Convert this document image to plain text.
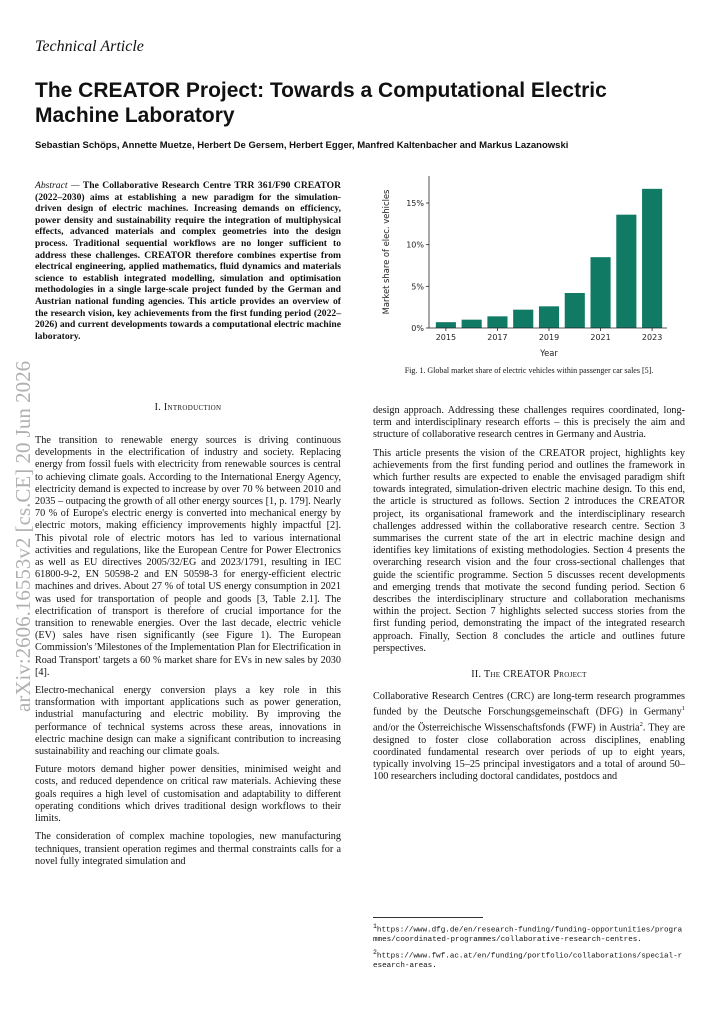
Technical Article
The CREATOR Project: Towards a Computational Electric Machine Laboratory
Sebastian Schöps, Annette Muetze, Herbert De Gersem, Herbert Egger, Manfred Kaltenbacher and Markus Lazanowski
Abstract — The Collaborative Research Centre TRR 361/F90 CREATOR (2022–2030) aims at establishing a new paradigm for the simulation-driven design of electric machines. Increasing demands on efficiency, power density and sustainability require the integration of multiphysical effects, advanced materials and complex geometries into the design process. Traditional sequential workflows are no longer sufficient to address these challenges. CREATOR therefore combines expertise from electrical engineering, applied mathematics, fluid dynamics and materials science to establish integrated modelling, simulation and optimisation methodologies in a single large-scale project funded by the German and Austrian national funding agencies. This article provides an overview of the research vision, key achievements from the first funding period (2022–2026) and current developments towards a computational electric machine laboratory.
arXiv:2606.16553v2 [cs.CE] 20 Jun 2026
0%
5%
10%
15%
2015	2017	2019	2021	2023
Market share of elec. vehicles
Year
Fig. 1. Global market share of electric vehicles within passenger car sales [5].
I. Introduction

The transition to renewable energy sources is driving continuous developments in the electrification of industry and society. Replacing energy from fossil fuels with electricity from renewable sources is central to achieving climate goals. According to the International Energy Agency, electricity demand is expected to increase by over 70 % between 2010 and 2035 – outpacing the growth of all other energy sources [1, p. 179]. Nearly 70 % of Europe's electric energy is converted into mechanical energy by electric motors, making efficiency improvements highly impactful [2]. This pivotal role of electric motors has led to various international activities and regulations, like the European Centre for Power Electronics as well as EU directives 2005/32/EG and 2023/1791, resulting in IEC 61800-9-2, EN 50598-2 and EN 50598-3 for energy-efficient electric machines and drives. About 27 % of total US energy consumption in 2021 was used for transportation of people and goods [3, Table 2.1]. The electrification of transport is therefore of crucial importance for the transition to renewable energies. Over the last decade, electric vehicle (EV) sales have risen significantly (see Figure 1). The European Commission's 'Milestones of the Implementation Plan for Electrification in Road Transport' targets a 60 % market share for EVs in new sales by 2030 [4].

Electro-mechanical energy conversion plays a key role in this transformation with important applications such as power generation, industrial manufacturing and electric mobility. By improving the performance of technical systems across these areas, innovations in electric machine design can make a significant contribution to increasing sustainability and reaching our climate goals.

Future motors demand higher power densities, minimised weight and costs, and reduced dependence on critical raw materials. Achieving these goals requires a high level of customisation and adaptability to different operating conditions which drives traditional design workflows to their limits.

The consideration of complex machine topologies, new manufacturing techniques, transient operation regimes and thermal constraints calls for a novel fully integrated simulation and

design approach. Addressing these challenges requires coordinated, long-term and interdisciplinary research efforts – this is precisely the aim and structure of collaborative research centres in Germany and Austria.

This article presents the vision of the CREATOR project, highlights key achievements from the first funding period and outlines the framework in which further results are expected to enable the envisaged paradigm shift towards integrated, simulation-driven electric machine design. To this end, the article is structured as follows. Section 2 introduces the CREATOR project, its organisational framework and the interdisciplinary research challenges addressed within the collaborative research centre. Section 3 summarises the current state of the art in electric machine design and identifies key limitations of existing methodologies. Section 4 presents the overarching research vision and the four cross-sectional challenges that guide the scientific programme. Section 5 discusses recent developments and emerging trends that motivate the second funding period. Section 6 describes the interdisciplinary structure and collaboration mechanisms within the project. Section 7 highlights selected success stories from the first funding period, demonstrating the impact of the integrated research approach. Finally, Section 8 concludes the article and outlines future perspectives.

II. The CREATOR Project

Collaborative Research Centres (CRC) are long-term research programmes funded by the Deutsche Forschungsgemeinschaft (DFG) in Germany$^1$ and/or the Österreichische Wissenschaftsfonds (FWF) in Austria$^2$. They are designed to foster close collaboration across disciplines, enabling coordinated fundamental research over periods of up to eight years, typically involving 15–25 principal investigators and a total of around 50–100 researchers including doctoral candidates, postdocs and

$^1$https://www.dfg.de/en/research-funding/funding-opportunities/programmes/coordinated-programmes/collaborative-research-centres.
$^2$https://www.fwf.ac.at/en/funding/portfolio/collaborations/special-research-areas.
